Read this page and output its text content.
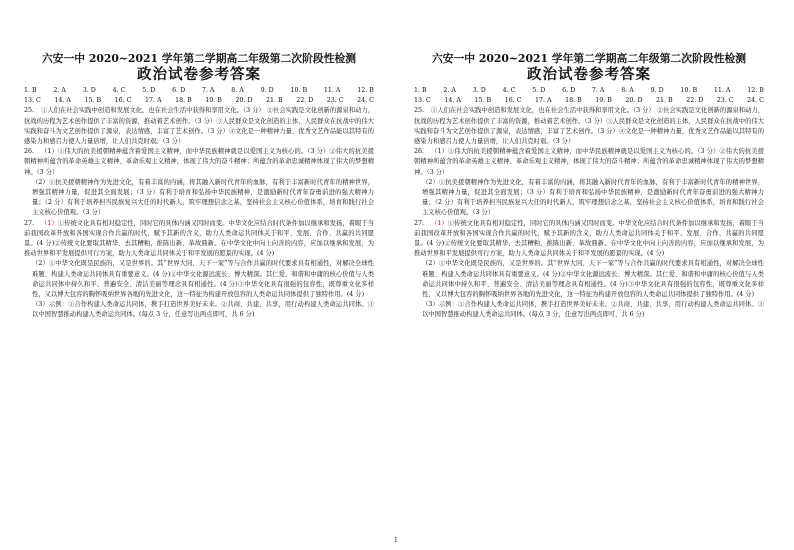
六安一中 2020~2021 学年第二学期高二年级第二次阶段性检测
政治试卷参考答案
1. B	2. A	3. D	4. C	5. D	6. D	7. A	8. A	9. D	10. B	11. A	12. B
13. C 14. A 15. B 16. C 17. A 18. B 19. B 20. D 21. B 22. D 23. C 24. C
25. ①人们在社会实践中创造和发展文化，也在社会生活中获得和享用文化。（3 分） ②社会实践是文化创新的源泉和动力，抗战的历程为艺术创作提供了丰富的资源，推动着艺术创作。（3 分）③人民群众是文化创造的主体，人民群众在抗战中的伟大实践和奋斗为文艺创作提供了源泉，表达情感，丰富了艺术创作。（3 分）④文化是一种精神力量，优秀文艺作品能以其特有的感染力和感召力使人力量倍增，让人们共克时艰。（3 分）
26. （1）①伟大的抗美援朝精神蕴含着爱国主义精神，而中华民族精神就是以爱国主义为核心的。（3 分）②伟大的抗美援朝精神所蕴含的革命英雄主义精神、革命乐观主义精神，体现了伟大的奋斗精神；所蕴含的革命忠诚精神体现了伟大的梦想精神。（3 分）
（2）①抗美援朝精神作为先进文化，有着丰富的内涵，将其融入新时代青年的血脉，有利于丰富新时代青年的精神世界，增强其精神力量，促进其全面发展；（3 分）有利于培育和弘扬中华民族精神，是激励新时代青年奋勇前进的强大精神力量；（2 分）有利于培养担当民族复兴大任的时代新人，筑牢理想信念之基，坚持社会主义核心价值体系，培育和践行社会主义核心价值观。（3 分）
27. （1）①传统文化具有相对稳定性，同时它的具体内涵又因时而变。中华文化应结合时代条件加以继承和发扬，着眼于当前我国改革开放和各国实现合作共赢的时代，赋予其新的含义，助力人类命运共同体关于和平、发展、合作、共赢的共同愿景。(4 分)②传统文化要取其精华、去其糟粕，推陈出新、革故鼎新。在中华文化中向上向善的内容，应加以继承和发展，为推动世界和平发展提供可行方案，助力人类命运共同体关于和平发展的愿景的实现。(4 分)
（2）①中华文化既是民族的，又是世界的。其“世界大同、天下一家”等与合作共赢的时代要求具有相通性，对解决全球性难题、构建人类命运共同体具有重要意义。(4 分)②中华文化源远流长、博大精深。其仁爱、和谐和中庸的核心价值与人类命运共同体中持久和平、普遍安全、清洁美丽等理念具有相通性。(4 分)③中华文化具有很强的包容性，既尊重文化多样性，又以博大包容的胸怀吸纳世界各地的先进文化，这一特征为构建开放包容的人类命运共同体提供了独特作用。(4 分)
（3）示例：①合作构建人类命运共同体，携手打造世界美好未来。②共商、共建、共享，用行动构建人类命运共同体。③以中国智慧推动构建人类命运共同体。(每点 3 分，任意写出两点即可，共 6 分)
六安一中 2020~2021 学年第二学期高二年级第二次阶段性检测
政治试卷参考答案
1. B	2. A	3. D	4. C	5. D	6. D	7. A	8. A	9. D	10. B	11. A	12. B
13. C 14. A 15. B 16. C 17. A 18. B 19. B 20. D 21. B 22. D 23. C 24. C
25. ①人们在社会实践中创造和发展文化，也在社会生活中获得和享用文化。（3 分） ②社会实践是文化创新的源泉和动力，抗战的历程为艺术创作提供了丰富的资源，推动着艺术创作。（3 分）③人民群众是文化创造的主体，人民群众在抗战中的伟大实践和奋斗为文艺创作提供了源泉，表达情感，丰富了艺术创作。（3 分）④文化是一种精神力量，优秀文艺作品能以其特有的感染力和感召力使人力量倍增，让人们共克时艰。（3 分）
26. （1）①伟大的抗美援朝精神蕴含着爱国主义精神，而中华民族精神就是以爱国主义为核心的。（3 分）②伟大的抗美援朝精神所蕴含的革命英雄主义精神、革命乐观主义精神，体现了伟大的奋斗精神；所蕴含的革命忠诚精神体现了伟大的梦想精神。（3 分）
（2）①抗美援朝精神作为先进文化，有着丰富的内涵，将其融入新时代青年的血脉，有利于丰富新时代青年的精神世界，增强其精神力量，促进其全面发展；（3 分）有利于培育和弘扬中华民族精神，是激励新时代青年奋勇前进的强大精神力量；（2 分）有利于培养担当民族复兴大任的时代新人，筑牢理想信念之基，坚持社会主义核心价值体系，培育和践行社会主义核心价值观。（3 分）
27. （1）①传统文化具有相对稳定性，同时它的具体内涵又因时而变。中华文化应结合时代条件加以继承和发扬，着眼于当前我国改革开放和各国实现合作共赢的时代，赋予其新的含义，助力人类命运共同体关于和平、发展、合作、共赢的共同愿景。(4 分)②传统文化要取其精华、去其糟粕，推陈出新、革故鼎新。在中华文化中向上向善的内容，应加以继承和发展，为推动世界和平发展提供可行方案，助力人类命运共同体关于和平发展的愿景的实现。(4 分)
（2）①中华文化既是民族的，又是世界的。其“世界大同、天下一家”等与合作共赢的时代要求具有相通性，对解决全球性难题、构建人类命运共同体具有重要意义。(4 分)②中华文化源远流长、博大精深。其仁爱、和谐和中庸的核心价值与人类命运共同体中持久和平、普遍安全、清洁美丽等理念具有相通性。(4 分)③中华文化具有很强的包容性，既尊重文化多样性，又以博大包容的胸怀吸纳世界各地的先进文化，这一特征为构建开放包容的人类命运共同体提供了独特作用。(4 分)
（3）示例：①合作构建人类命运共同体，携手打造世界美好未来。②共商、共建、共享，用行动构建人类命运共同体。③以中国智慧推动构建人类命运共同体。(每点 3 分，任意写出两点即可，共 6 分)
1
